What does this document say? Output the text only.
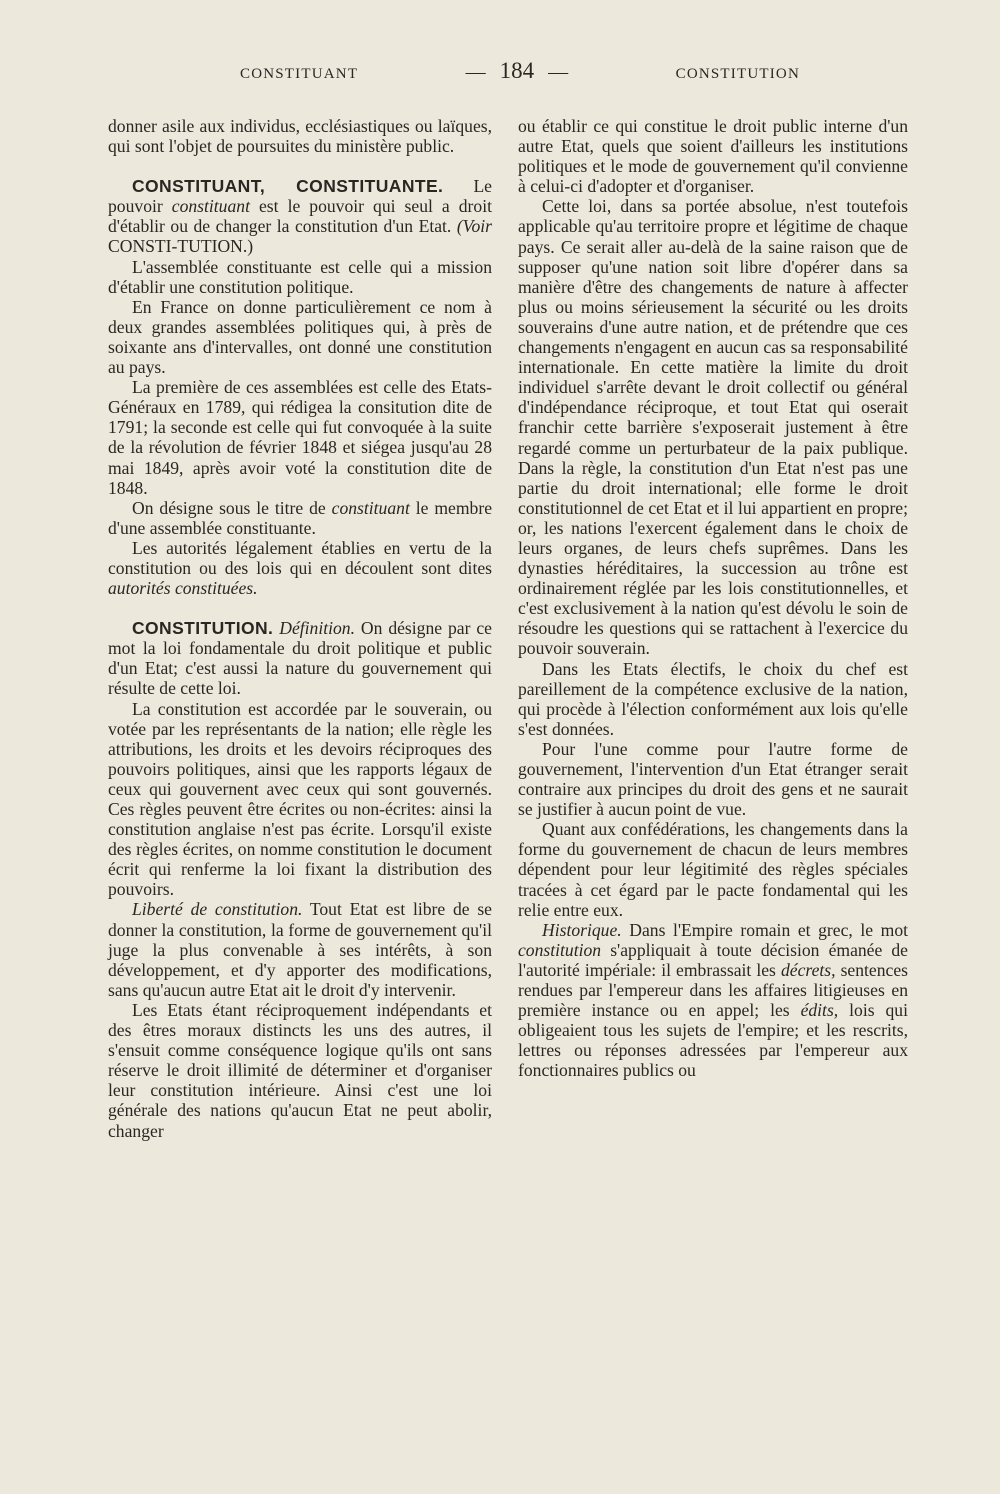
CONSTITUANT	— 184 —	CONSTITUTION

donner asile aux individus, ecclésiastiques ou laïques, qui sont l'objet de poursuites du ministère public.

CONSTITUANT, CONSTITUANTE. Le pouvoir constituant est le pouvoir qui seul a droit d'établir ou de changer la constitution d'un Etat. (Voir CONSTI-TUTION.)

L'assemblée constituante est celle qui a mission d'établir une constitution politique.

En France on donne particulièrement ce nom à deux grandes assemblées politiques qui, à près de soixante ans d'intervalles, ont donné une constitution au pays.

La première de ces assemblées est celle des Etats-Généraux en 1789, qui rédigea la consitution dite de 1791; la seconde est celle qui fut convoquée à la suite de la révolution de février 1848 et siégea jusqu'au 28 mai 1849, après avoir voté la constitution dite de 1848.

On désigne sous le titre de constituant le membre d'une assemblée constituante.

Les autorités légalement établies en vertu de la constitution ou des lois qui en découlent sont dites autorités constituées.

CONSTITUTION. Définition. On désigne par ce mot la loi fondamentale du droit politique et public d'un Etat; c'est aussi la nature du gouvernement qui résulte de cette loi.

La constitution est accordée par le souverain, ou votée par les représentants de la nation; elle règle les attributions, les droits et les devoirs réciproques des pouvoirs politiques, ainsi que les rapports légaux de ceux qui gouvernent avec ceux qui sont gouvernés. Ces règles peuvent être écrites ou non-écrites: ainsi la constitution anglaise n'est pas écrite. Lorsqu'il existe des règles écrites, on nomme constitution le document écrit qui renferme la loi fixant la distribution des pouvoirs.

Liberté de constitution. Tout Etat est libre de se donner la constitution, la forme de gouvernement qu'il juge la plus convenable à ses intérêts, à son développement, et d'y apporter des modifications, sans qu'aucun autre Etat ait le droit d'y intervenir.

Les Etats étant réciproquement indépendants et des êtres moraux distincts les uns des autres, il s'ensuit comme conséquence logique qu'ils ont sans réserve le droit illimité de déterminer et d'organiser leur constitution intérieure. Ainsi c'est une loi générale des nations qu'aucun Etat ne peut abolir, changer

ou établir ce qui constitue le droit public interne d'un autre Etat, quels que soient d'ailleurs les institutions politiques et le mode de gouvernement qu'il convienne à celui-ci d'adopter et d'organiser.

Cette loi, dans sa portée absolue, n'est toutefois applicable qu'au territoire propre et légitime de chaque pays. Ce serait aller au-delà de la saine raison que de supposer qu'une nation soit libre d'opérer dans sa manière d'être des changements de nature à affecter plus ou moins sérieusement la sécurité ou les droits souverains d'une autre nation, et de prétendre que ces changements n'engagent en aucun cas sa responsabilité internationale. En cette matière la limite du droit individuel s'arrête devant le droit collectif ou général d'indépendance réciproque, et tout Etat qui oserait franchir cette barrière s'exposerait justement à être regardé comme un perturbateur de la paix publique. Dans la règle, la constitution d'un Etat n'est pas une partie du droit international; elle forme le droit constitutionnel de cet Etat et il lui appartient en propre; or, les nations l'exercent également dans le choix de leurs organes, de leurs chefs suprêmes. Dans les dynasties héréditaires, la succession au trône est ordinairement réglée par les lois constitutionnelles, et c'est exclusivement à la nation qu'est dévolu le soin de résoudre les questions qui se rattachent à l'exercice du pouvoir souverain.

Dans les Etats électifs, le choix du chef est pareillement de la compétence exclusive de la nation, qui procède à l'élection conformément aux lois qu'elle s'est données.

Pour l'une comme pour l'autre forme de gouvernement, l'intervention d'un Etat étranger serait contraire aux principes du droit des gens et ne saurait se justifier à aucun point de vue.

Quant aux confédérations, les changements dans la forme du gouvernement de chacun de leurs membres dépendent pour leur légitimité des règles spéciales tracées à cet égard par le pacte fondamental qui les relie entre eux.

Historique. Dans l'Empire romain et grec, le mot constitution s'appliquait à toute décision émanée de l'autorité impériale: il embrassait les décrets, sentences rendues par l'empereur dans les affaires litigieuses en première instance ou en appel; les édits, lois qui obligeaient tous les sujets de l'empire; et les rescrits, lettres ou réponses adressées par l'empereur aux fonctionnaires publics ou
